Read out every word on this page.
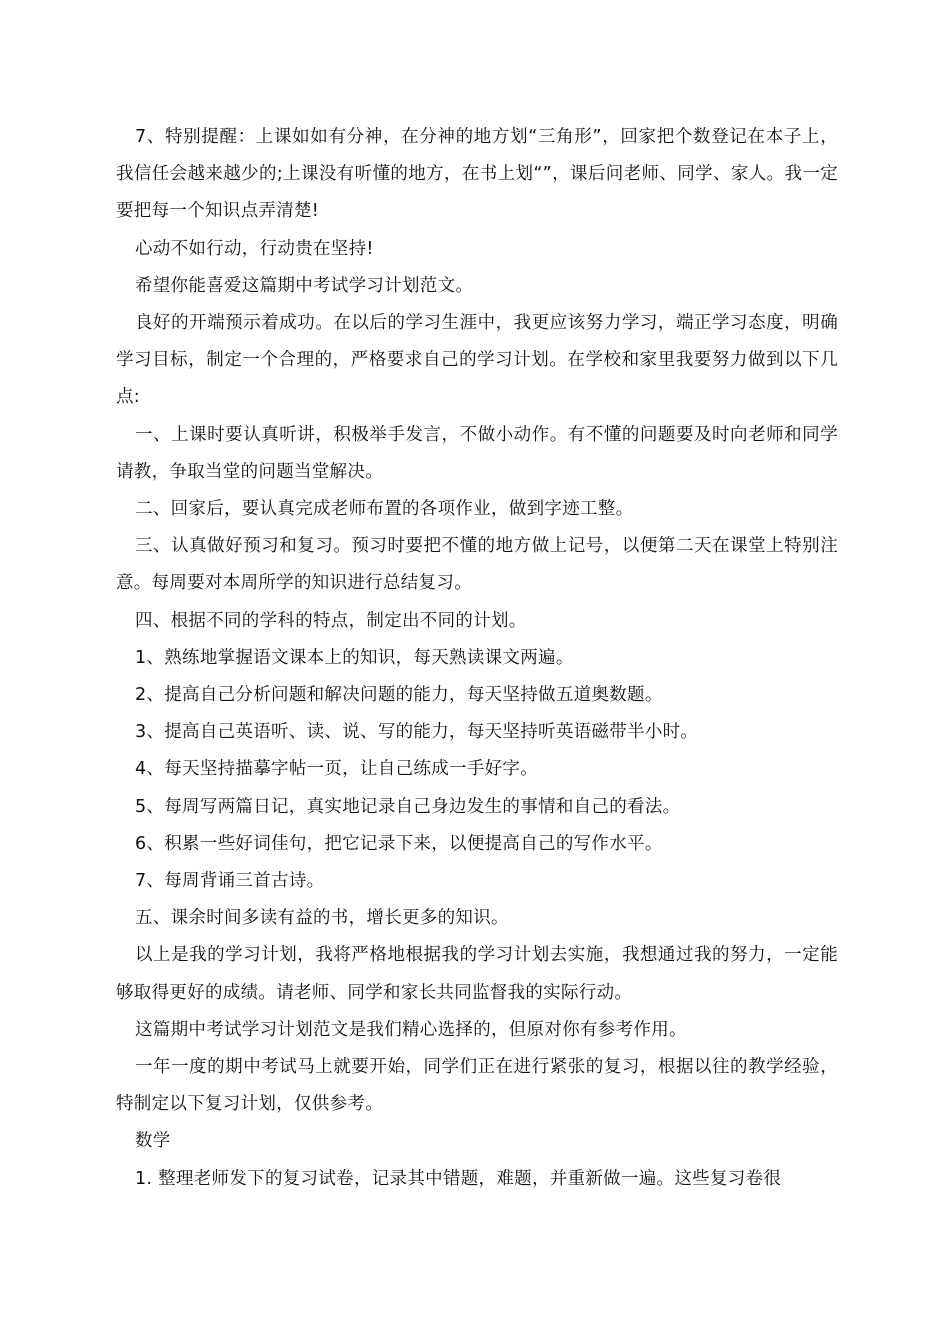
7、特别提醒：上课如如有分神，在分神的地方划“三角形”，回家把个数登记在本子上，我信任会越来越少的;上课没有听懂的地方，在书上划“”，课后问老师、同学、家人。我一定要把每一个知识点弄清楚!

心动不如行动，行动贵在坚持!

希望你能喜爱这篇期中考试学习计划范文。

良好的开端预示着成功。在以后的学习生涯中，我更应该努力学习，端正学习态度，明确学习目标，制定一个合理的，严格要求自己的学习计划。在学校和家里我要努力做到以下几点:

一、上课时要认真听讲，积极举手发言，不做小动作。有不懂的问题要及时向老师和同学请教，争取当堂的问题当堂解决。

二、回家后，要认真完成老师布置的各项作业，做到字迹工整。

三、认真做好预习和复习。预习时要把不懂的地方做上记号，以便第二天在课堂上特别注意。每周要对本周所学的知识进行总结复习。

四、根据不同的学科的特点，制定出不同的计划。

1、熟练地掌握语文课本上的知识，每天熟读课文两遍。

2、提高自己分析问题和解决问题的能力，每天坚持做五道奥数题。

3、提高自己英语听、读、说、写的能力，每天坚持听英语磁带半小时。

4、每天坚持描摹字帖一页，让自己练成一手好字。

5、每周写两篇日记，真实地记录自己身边发生的事情和自己的看法。

6、积累一些好词佳句，把它记录下来，以便提高自己的写作水平。

7、每周背诵三首古诗。

五、课余时间多读有益的书，增长更多的知识。

以上是我的学习计划，我将严格地根据我的学习计划去实施，我想通过我的努力，一定能够取得更好的成绩。请老师、同学和家长共同监督我的实际行动。

这篇期中考试学习计划范文是我们精心选择的，但原对你有参考作用。

一年一度的期中考试马上就要开始，同学们正在进行紧张的复习，根据以往的教学经验，特制定以下复习计划，仅供参考。

数学

1. 整理老师发下的复习试卷，记录其中错题，难题，并重新做一遍。这些复习卷很
